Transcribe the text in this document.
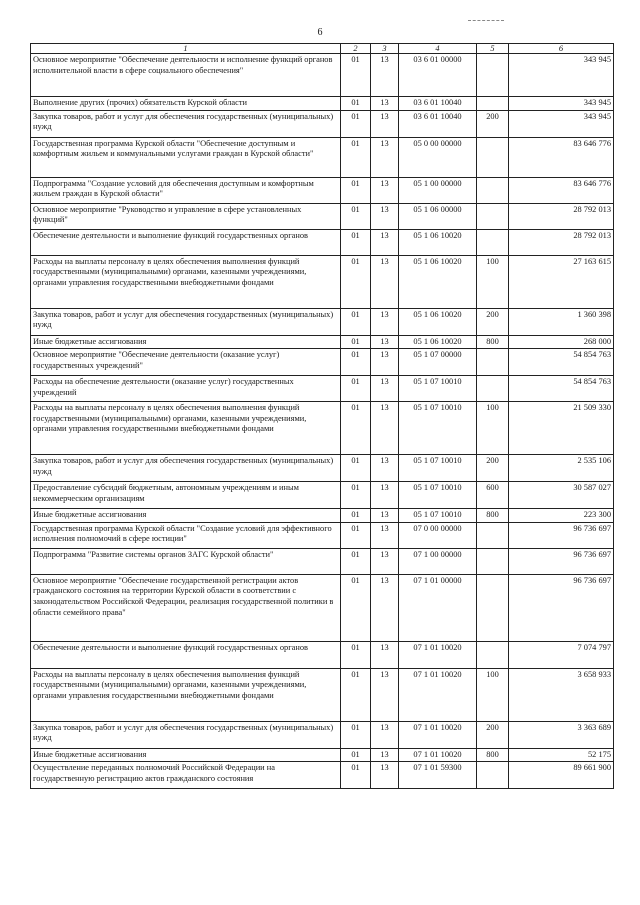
6
1	2	3	4	5	6
Основное мероприятие "Обеспечение деятельности и исполнение функций органов исполнительной власти в сфере социального обеспечения"	01	13	03 6 01 00000		343 945
Выполнение других (прочих) обязательств Курской области	01	13	03 6 01 10040		343 945
Закупка товаров, работ и услуг для обеспечения государственных (муниципальных) нужд	01	13	03 6 01 10040	200	343 945
Государственная программа Курской области "Обеспечение доступным и комфортным жильем и коммунальными услугами граждан в Курской области"	01	13	05 0 00 00000		83 646 776
Подпрограмма "Создание условий для обеспечения доступным и комфортным жильем граждан в Курской области"	01	13	05 1 00 00000		83 646 776
Основное мероприятие "Руководство и управление в сфере установленных функций"	01	13	05 1 06 00000		28 792 013
Обеспечение деятельности и выполнение функций государственных органов	01	13	05 1 06 10020		28 792 013
Расходы на выплаты персоналу в целях обеспечения выполнения функций государственными (муниципальными) органами, казенными учреждениями, органами управления государственными внебюджетными фондами	01	13	05 1 06 10020	100	27 163 615
Закупка товаров, работ и услуг для обеспечения государственных (муниципальных) нужд	01	13	05 1 06 10020	200	1 360 398
Иные бюджетные ассигнования	01	13	05 1 06 10020	800	268 000
Основное мероприятие "Обеспечение деятельности (оказание услуг) государственных учреждений"	01	13	05 1 07 00000		54 854 763
Расходы на обеспечение деятельности (оказание услуг) государственных учреждений	01	13	05 1 07 10010		54 854 763
Расходы на выплаты персоналу в целях обеспечения выполнения функций государственными (муниципальными) органами, казенными учреждениями, органами управления государственными внебюджетными фондами	01	13	05 1 07 10010	100	21 509 330
Закупка товаров, работ и услуг для обеспечения государственных (муниципальных) нужд	01	13	05 1 07 10010	200	2 535 106
Предоставление субсидий бюджетным, автономным учреждениям и иным некоммерческим организациям	01	13	05 1 07 10010	600	30 587 027
Иные бюджетные ассигнования	01	13	05 1 07 10010	800	223 300
Государственная программа Курской области "Создание условий для эффективного исполнения полномочий в сфере юстиции"	01	13	07 0 00 00000		96 736 697
Подпрограмма "Развитие системы органов ЗАГС Курской области"	01	13	07 1 00 00000		96 736 697
Основное мероприятие "Обеспечение государственной регистрации актов гражданского состояния на территории Курской области в соответствии с законодательством Российской Федерации, реализация государственной политики в области семейного права"	01	13	07 1 01 00000		96 736 697
Обеспечение деятельности и выполнение функций государственных органов	01	13	07 1 01 10020		7 074 797
Расходы на выплаты персоналу в целях обеспечения выполнения функций государственными (муниципальными) органами, казенными учреждениями, органами управления государственными внебюджетными фондами	01	13	07 1 01 10020	100	3 658 933
Закупка товаров, работ и услуг для обеспечения государственных (муниципальных) нужд	01	13	07 1 01 10020	200	3 363 689
Иные бюджетные ассигнования	01	13	07 1 01 10020	800	52 175
Осуществление переданных полномочий Российской Федерации на государственную регистрацию актов гражданского состояния	01	13	07 1 01 59300		89 661 900
